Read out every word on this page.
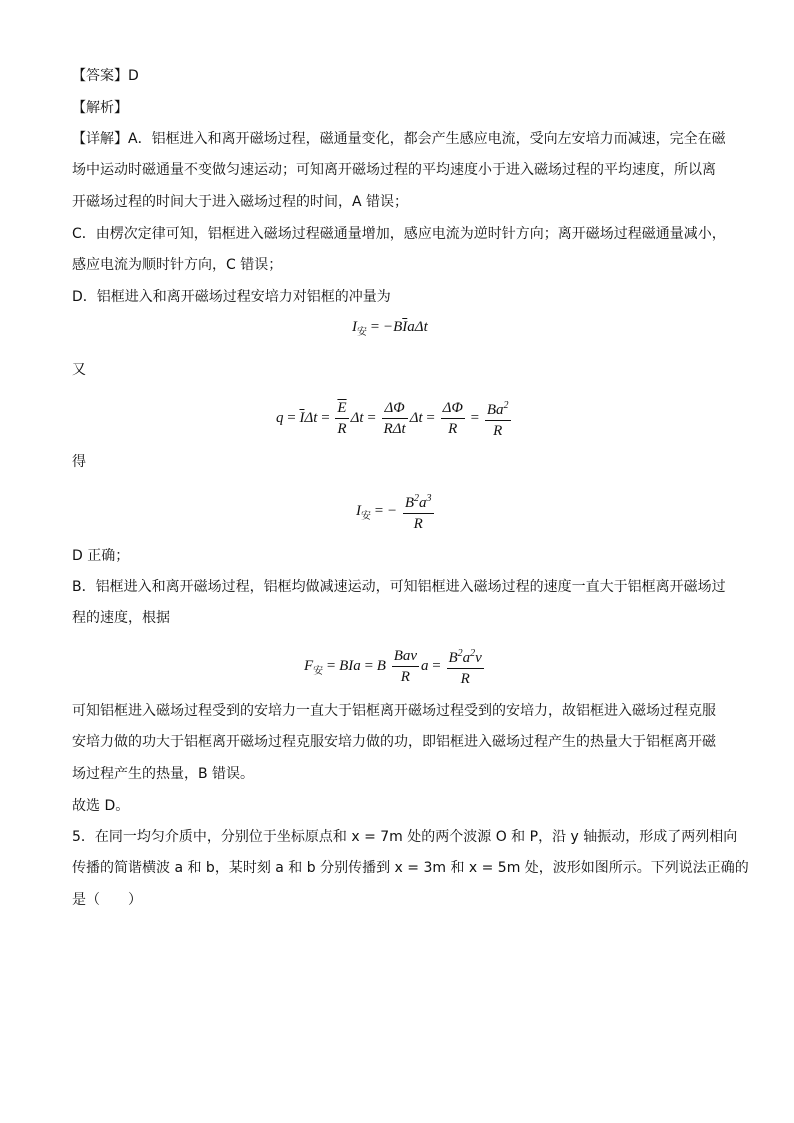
【答案】D
【解析】
【详解】A．铝框进入和离开磁场过程，磁通量变化，都会产生感应电流，受向左安培力而减速，完全在磁
场中运动时磁通量不变做匀速运动；可知离开磁场过程的平均速度小于进入磁场过程的平均速度，所以离
开磁场过程的时间大于进入磁场过程的时间，A 错误；
C．由楞次定律可知，铝框进入磁场过程磁通量增加，感应电流为逆时针方向；离开磁场过程磁通量减小，
感应电流为顺时针方向，C 错误；
D．铝框进入和离开磁场过程安培力对铝框的冲量为
$I_安 = -B\overline{I}a\Delta t$
又
$q = \overline{I}\Delta t = \frac{\overline{E}}{R}$ $\Delta t = \frac{\Delta\Phi}{\text{RΔt}}$ $\Delta t = \frac{\Delta\Phi}{R} = \frac{Ba^2}{R}$
得
$I_安$ = − $\frac{B^2a^3}{R}$
D 正确；
B．铝框进入和离开磁场过程，铝框均做减速运动，可知铝框进入磁场过程的速度一直大于铝框离开磁场过
程的速度，根据
$F_安$ = BIa = B $\frac{\text{Bav}}{R}$ $a = \frac{B^2a^2v}{R}$
可知铝框进入磁场过程受到的安培力一直大于铝框离开磁场过程受到的安培力，故铝框进入磁场过程克服
安培力做的功大于铝框离开磁场过程克服安培力做的功，即铝框进入磁场过程产生的热量大于铝框离开磁
场过程产生的热量，B 错误。
故选 D。
5．在同一均匀介质中，分别位于坐标原点和 x = 7m 处的两个波源 O 和 P，沿 y 轴振动，形成了两列相向
传播的简谐横波 a 和 b，某时刻 a 和 b 分别传播到 x = 3m 和 x = 5m 处，波形如图所示。下列说法正确的
是（　　）
